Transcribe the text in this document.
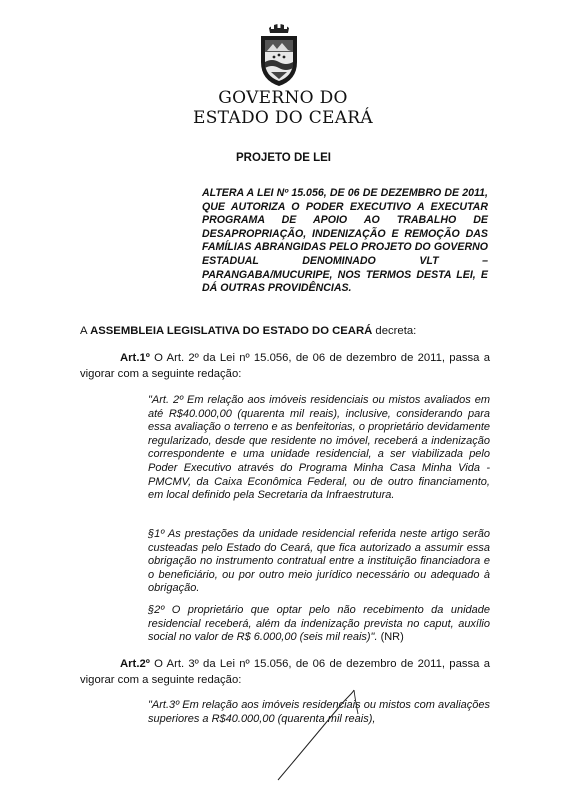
GOVERNO DO
ESTADO DO CEARÁ
PROJETO DE LEI
ALTERA A LEI Nº 15.056, DE 06 DE DEZEMBRO DE 2011, QUE AUTORIZA O PODER EXECUTIVO A EXECUTAR PROGRAMA DE APOIO AO TRABALHO DE DESAPROPRIAÇÃO, INDENIZAÇÃO E REMOÇÃO DAS FAMÍLIAS ABRANGIDAS PELO PROJETO DO GOVERNO ESTADUAL DENOMINADO VLT – PARANGABA/MUCURIPE, NOS TERMOS DESTA LEI, E DÁ OUTRAS PROVIDÊNCIAS.
A ASSEMBLEIA LEGISLATIVA DO ESTADO DO CEARÁ decreta:
Art.1º O Art. 2º da Lei nº 15.056, de 06 de dezembro de 2011, passa a vigorar com a seguinte redação:
"Art. 2º Em relação aos imóveis residenciais ou mistos avaliados em até R$40.000,00 (quarenta mil reais), inclusive, considerando para essa avaliação o terreno e as benfeitorias, o proprietário devidamente regularizado, desde que residente no imóvel, receberá a indenização correspondente e uma unidade residencial, a ser viabilizada pelo Poder Executivo através do Programa Minha Casa Minha Vida - PMCMV, da Caixa Econômica Federal, ou de outro financiamento, em local definido pela Secretaria da Infraestrutura.
§1º As prestações da unidade residencial referida neste artigo serão custeadas pelo Estado do Ceará, que fica autorizado a assumir essa obrigação no instrumento contratual entre a instituição financiadora e o beneficiário, ou por outro meio jurídico necessário ou adequado à obrigação.
§2º O proprietário que optar pelo não recebimento da unidade residencial receberá, além da indenização prevista no caput, auxílio social no valor de R$ 6.000,00 (seis mil reais)". (NR)
Art.2º O Art. 3º da Lei nº 15.056, de 06 de dezembro de 2011, passa a vigorar com a seguinte redação:
"Art.3º Em relação aos imóveis residenciais ou mistos com avaliações superiores a R$40.000,00 (quarenta mil reais),
